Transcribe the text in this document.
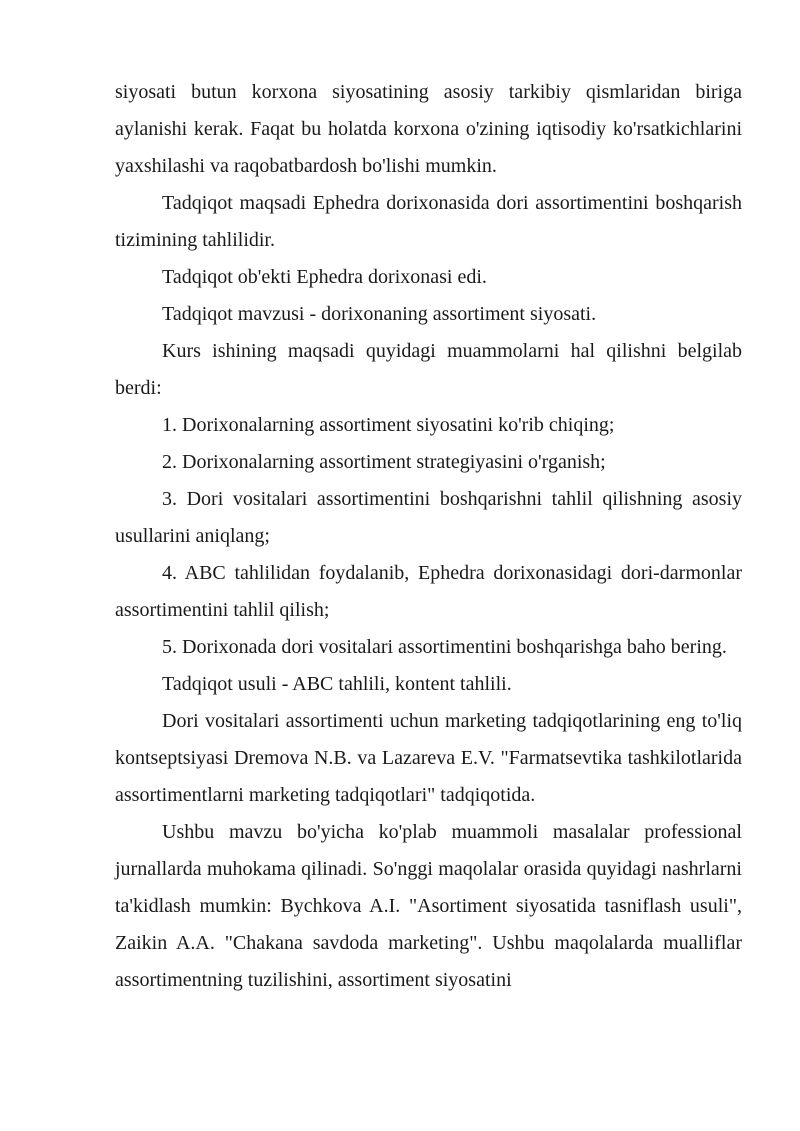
siyosati butun korxona siyosatining asosiy tarkibiy qismlaridan biriga aylanishi kerak. Faqat bu holatda korxona o'zining iqtisodiy ko'rsatkichlarini yaxshilashi va raqobatbardosh bo'lishi mumkin.

Tadqiqot maqsadi Ephedra dorixonasida dori assortimentini boshqarish tizimining tahlilidir.

Tadqiqot ob'ekti Ephedra dorixonasi edi.

Tadqiqot mavzusi - dorixonaning assortiment siyosati.

Kurs ishining maqsadi quyidagi muammolarni hal qilishni belgilab berdi:

1. Dorixonalarning assortiment siyosatini ko'rib chiqing;

2. Dorixonalarning assortiment strategiyasini o'rganish;

3. Dori vositalari assortimentini boshqarishni tahlil qilishning asosiy usullarini aniqlang;

4. ABC tahlilidan foydalanib, Ephedra dorixonasidagi dori-darmonlar assortimentini tahlil qilish;

5. Dorixonada dori vositalari assortimentini boshqarishga baho bering.

Tadqiqot usuli - ABC tahlili, kontent tahlili.

Dori vositalari assortimenti uchun marketing tadqiqotlarining eng to'liq kontseptsiyasi Dremova N.B. va Lazareva E.V. "Farmatsevtika tashkilotlarida assortimentlarni marketing tadqiqotlari" tadqiqotida.

Ushbu mavzu bo'yicha ko'plab muammoli masalalar professional jurnallarda muhokama qilinadi. So'nggi maqolalar orasida quyidagi nashrlarni ta'kidlash mumkin: Bychkova A.I. "Asortiment siyosatida tasniflash usuli", Zaikin A.A. "Chakana savdoda marketing". Ushbu maqolalarda mualliflar assortimentning tuzilishini, assortiment siyosatini
